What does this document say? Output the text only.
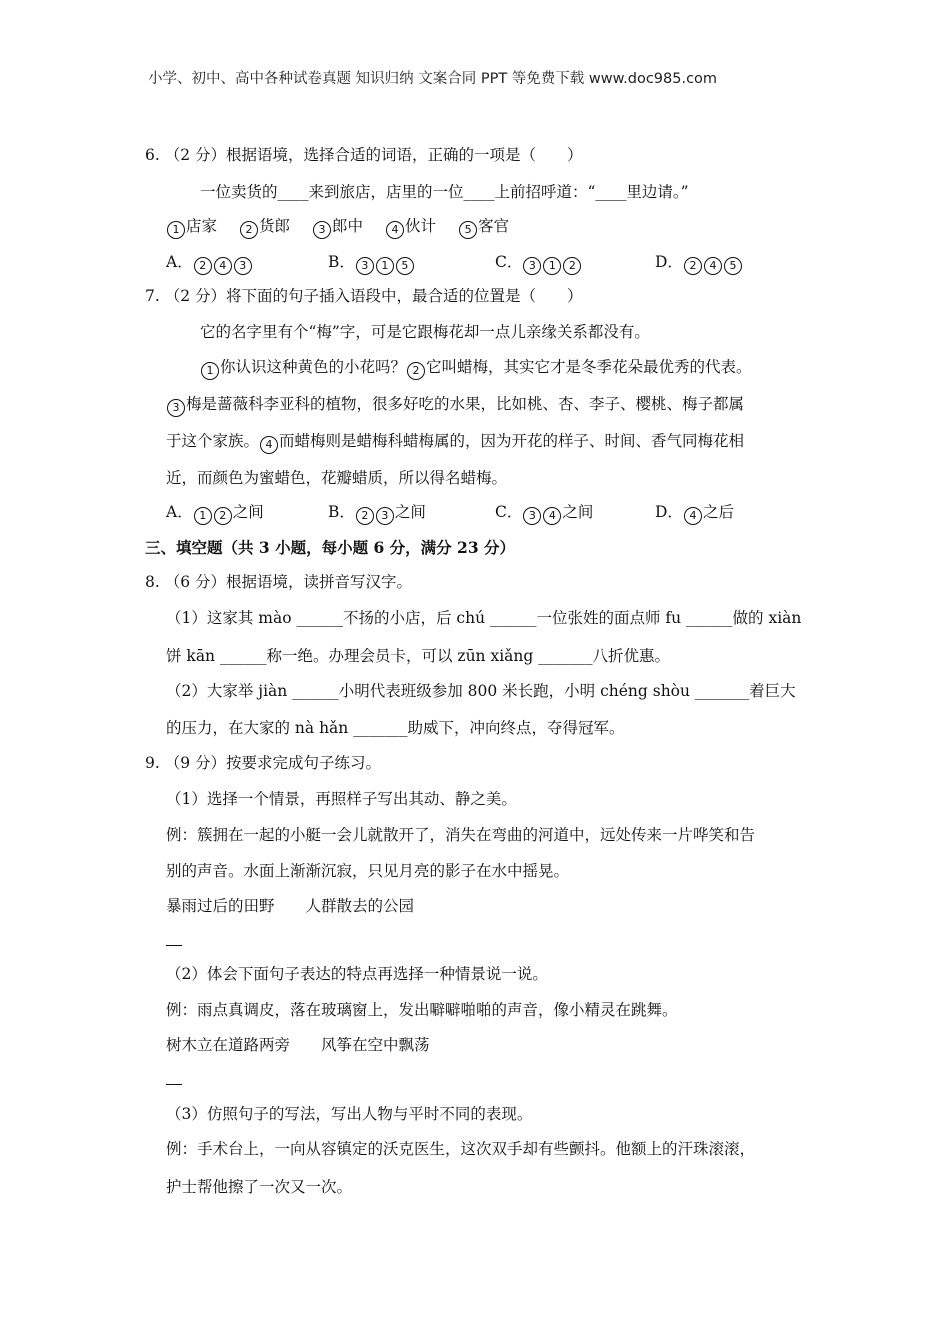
小学、初中、高中各种试卷真题 知识归纳 文案合同 PPT 等免费下载 www.doc985.com
6. （2 分）根据语境，选择合适的词语，正确的一项是（　　）
一位卖货的____来到旅店，店里的一位____上前招呼道：“____里边请。”
1 店家	2 货郎	3 郎中	4 伙计	5 客官
A． 2 4 3	B． 3 1 5	C． 3 1 2	D． 2 4 5
7. （2 分）将下面的句子插入语段中，最合适的位置是（　　）
它的名字里有个“梅”字，可是它跟梅花却一点儿亲缘关系都没有。
1 你认识这种黄色的小花吗？ 2 它叫蜡梅，其实它才是冬季花朵最优秀的代表。
3 梅是蔷薇科李亚科的植物，很多好吃的水果，比如桃、杏、李子、樱桃、梅子都属
于这个家族。 4 而蜡梅则是蜡梅科蜡梅属的，因为开花的样子、时间、香气同梅花相
近，而颜色为蜜蜡色，花瓣蜡质，所以得名蜡梅。
A． 1 2 之间	B． 2 3 之间	C． 3 4 之间	D． 4 之后
三、填空题（共 3 小题，每小题 6 分，满分 23 分）
8. （6 分）根据语境，读拼音写汉字。
（1）这家其 mào ______不扬的小店，后 chú ______一位张姓的面点师 fu ______做的 xiàn
饼 kān ______称一绝。办理会员卡，可以 zūn xiǎng _______八折优惠。
（2）大家举 jiàn ______小明代表班级参加 800 米长跑，小明 chéng shòu _______着巨大
的压力，在大家的 nà hǎn _______助威下，冲向终点，夺得冠军。
9. （9 分）按要求完成句子练习。
（1）选择一个情景，再照样子写出其动、静之美。
例：簇拥在一起的小艇一会儿就散开了，消失在弯曲的河道中，远处传来一片哗笑和告
别的声音。水面上渐渐沉寂，只见月亮的影子在水中摇晃。
暴雨过后的田野　　人群散去的公园
（2）体会下面句子表达的特点再选择一种情景说一说。
例：雨点真调皮，落在玻璃窗上，发出噼噼啪啪的声音，像小精灵在跳舞。
树木立在道路两旁　　风筝在空中飘荡
（3）仿照句子的写法，写出人物与平时不同的表现。
例：手术台上，一向从容镇定的沃克医生，这次双手却有些颤抖。他额上的汗珠滚滚，
护士帮他擦了一次又一次。
